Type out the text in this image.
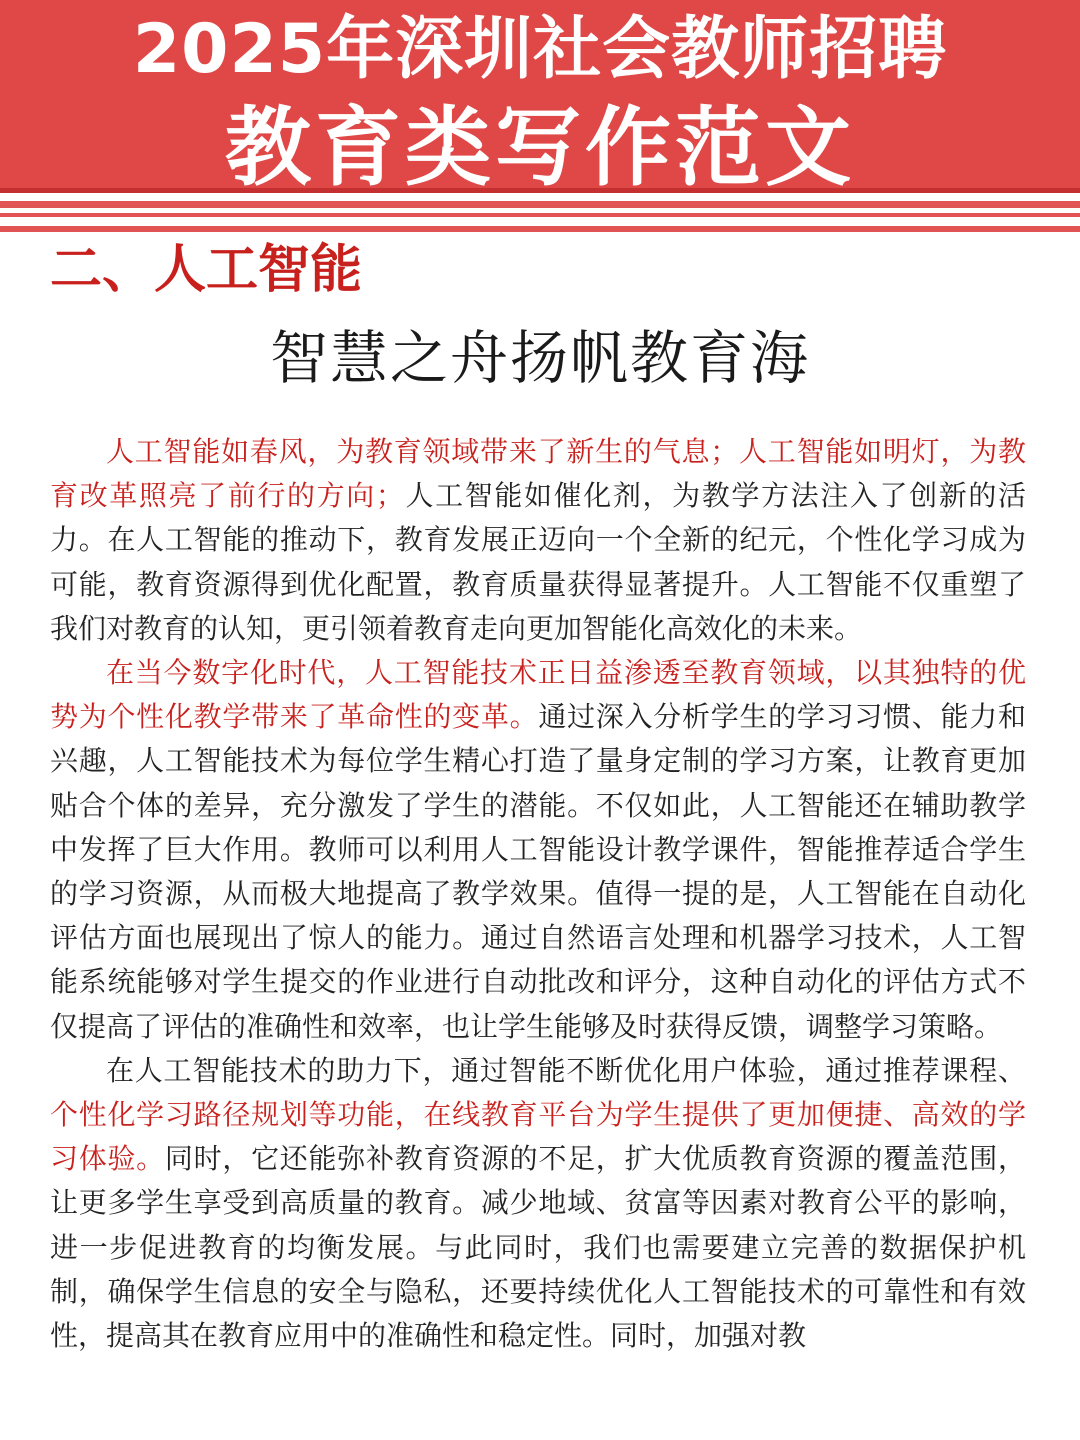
2025年深圳社会教师招聘
教育类写作范文
二、人工智能
智慧之舟扬帆教育海

人工智能如春风，为教育领域带来了新生的气息；人工智能如明灯，为教育改革照亮了前行的方向；人工智能如催化剂，为教学方法注入了创新的活力。在人工智能的推动下，教育发展正迈向一个全新的纪元，个性化学习成为可能，教育资源得到优化配置，教育质量获得显著提升。人工智能不仅重塑了我们对教育的认知，更引领着教育走向更加智能化高效化的未来。

在当今数字化时代，人工智能技术正日益渗透至教育领域，以其独特的优势为个性化教学带来了革命性的变革。通过深入分析学生的学习习惯、能力和兴趣，人工智能技术为每位学生精心打造了量身定制的学习方案，让教育更加贴合个体的差异，充分激发了学生的潜能。不仅如此，人工智能还在辅助教学中发挥了巨大作用。教师可以利用人工智能设计教学课件，智能推荐适合学生的学习资源，从而极大地提高了教学效果。值得一提的是，人工智能在自动化评估方面也展现出了惊人的能力。通过自然语言处理和机器学习技术，人工智能系统能够对学生提交的作业进行自动批改和评分，这种自动化的评估方式不仅提高了评估的准确性和效率，也让学生能够及时获得反馈，调整学习策略。

在人工智能技术的助力下，通过智能不断优化用户体验，通过推荐课程、个性化学习路径规划等功能，在线教育平台为学生提供了更加便捷、高效的学习体验。同时，它还能弥补教育资源的不足，扩大优质教育资源的覆盖范围，让更多学生享受到高质量的教育。减少地域、贫富等因素对教育公平的影响，进一步促进教育的均衡发展。与此同时，我们也需要建立完善的数据保护机制，确保学生信息的安全与隐私，还要持续优化人工智能技术的可靠性和有效性，提高其在教育应用中的准确性和稳定性。同时，加强对教
